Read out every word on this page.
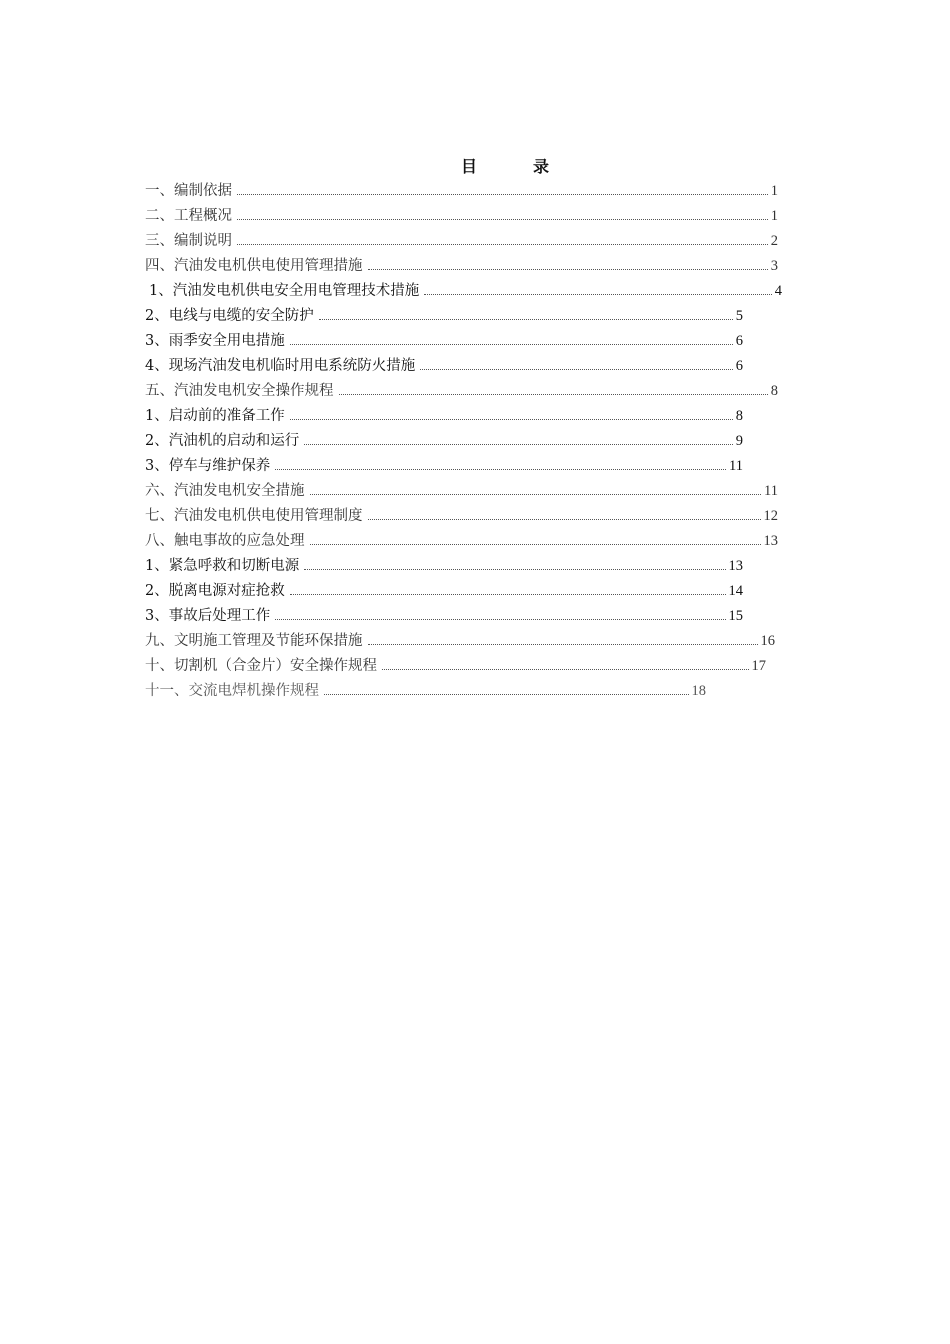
目　录
一、编制依据	1
二、工程概况	1
三、编制说明	2
四、汽油发电机供电使用管理措施	3
1、汽油发电机供电安全用电管理技术措施	4
2、电线与电缆的安全防护	5
3、雨季安全用电措施	6
4、现场汽油发电机临时用电系统防火措施	6
五、汽油发电机安全操作规程	8
1、启动前的准备工作	8
2、汽油机的启动和运行	9
3、停车与维护保养	11
六、汽油发电机安全措施	11
七、汽油发电机供电使用管理制度	12
八、触电事故的应急处理	13
1、紧急呼救和切断电源	13
2、脱离电源对症抢救	14
3、事故后处理工作	15
九、文明施工管理及节能环保措施	16
十、切割机（合金片）安全操作规程	17
十一、交流电焊机操作规程	18
